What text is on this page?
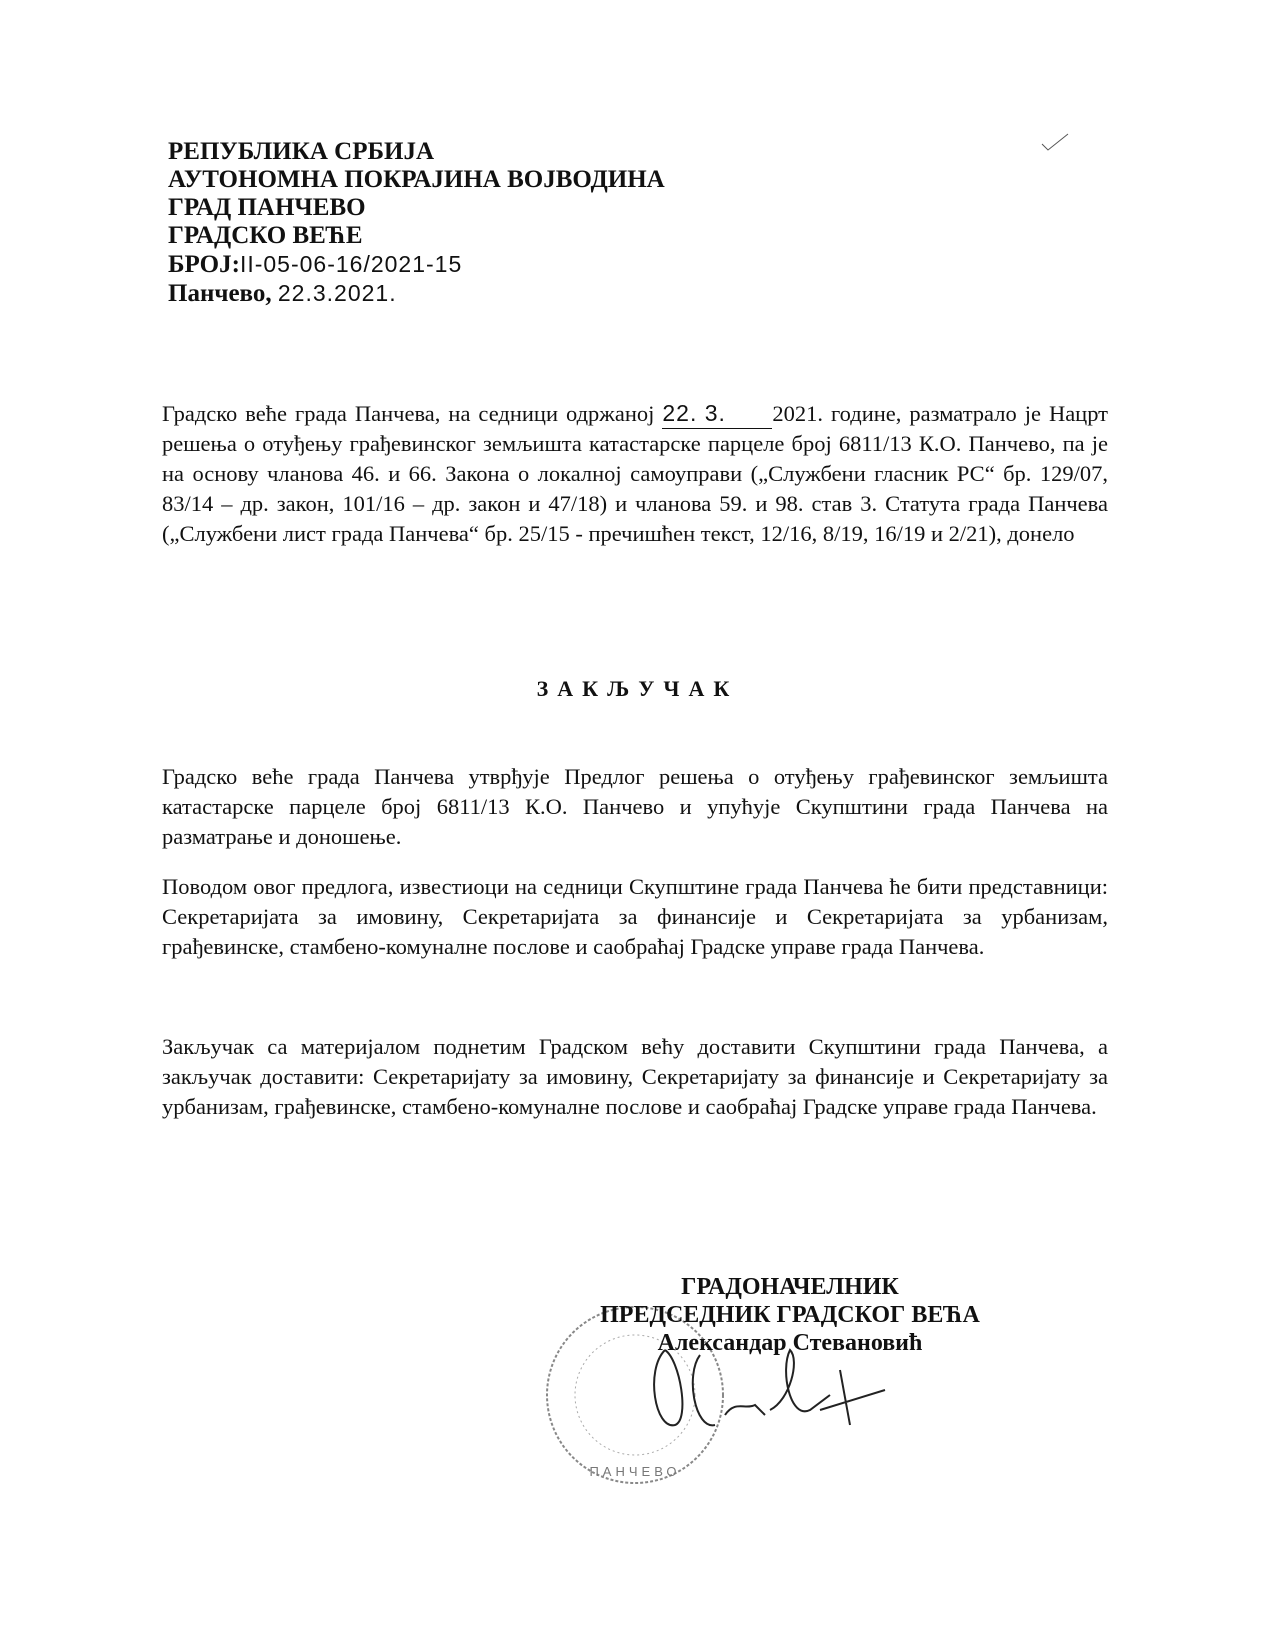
РЕПУБЛИКА СРБИЈА
АУТОНОМНА ПОКРАЈИНА ВОЈВОДИНА
ГРАД ПАНЧЕВО
ГРАДСКО ВЕЋЕ
БРОЈ:II-05-06-16/2021-15
Панчево, 22.3.2021.
Градско веће града Панчева, на седници одржаној 22. 3. 2021. године, разматрало је Нацрт решења о отуђењу грађевинског земљишта катастарске парцеле број 6811/13 К.О. Панчево, па је на основу чланова 46. и 66. Закона о локалној самоуправи („Службени гласник РС“ бр. 129/07, 83/14 – др. закон, 101/16 – др. закон и 47/18) и чланова 59. и 98. став 3. Статута града Панчева („Службени лист града Панчева“ бр. 25/15 - пречишћен текст, 12/16, 8/19, 16/19 и 2/21), донело
ЗАКЉУЧАК
Градско веће града Панчева утврђује Предлог решења о отуђењу грађевинског земљишта катастарске парцеле број 6811/13 К.О. Панчево и упућује Скупштини града Панчева на разматрање и доношење.
Поводом овог предлога, известиоци на седници Скупштине града Панчева ће бити представници: Секретаријата за имовину, Секретаријата за финансије и Секретаријата за урбанизам, грађевинске, стамбено-комуналне послове и саобраћај Градске управе града Панчева.
Закључак са материјалом поднетим Градском већу доставити Скупштини града Панчева, а закључак доставити: Секретаријату за имовину, Секретаријату за финансије и Секретаријату за урбанизам, грађевинске, стамбено-комуналне послове и саобраћај Градске управе града Панчева.
ПАНЧЕВО
ГРАДОНАЧЕЛНИК
ПРЕДСЕДНИК ГРАДСКОГ ВЕЋА
Александар Стевановић
